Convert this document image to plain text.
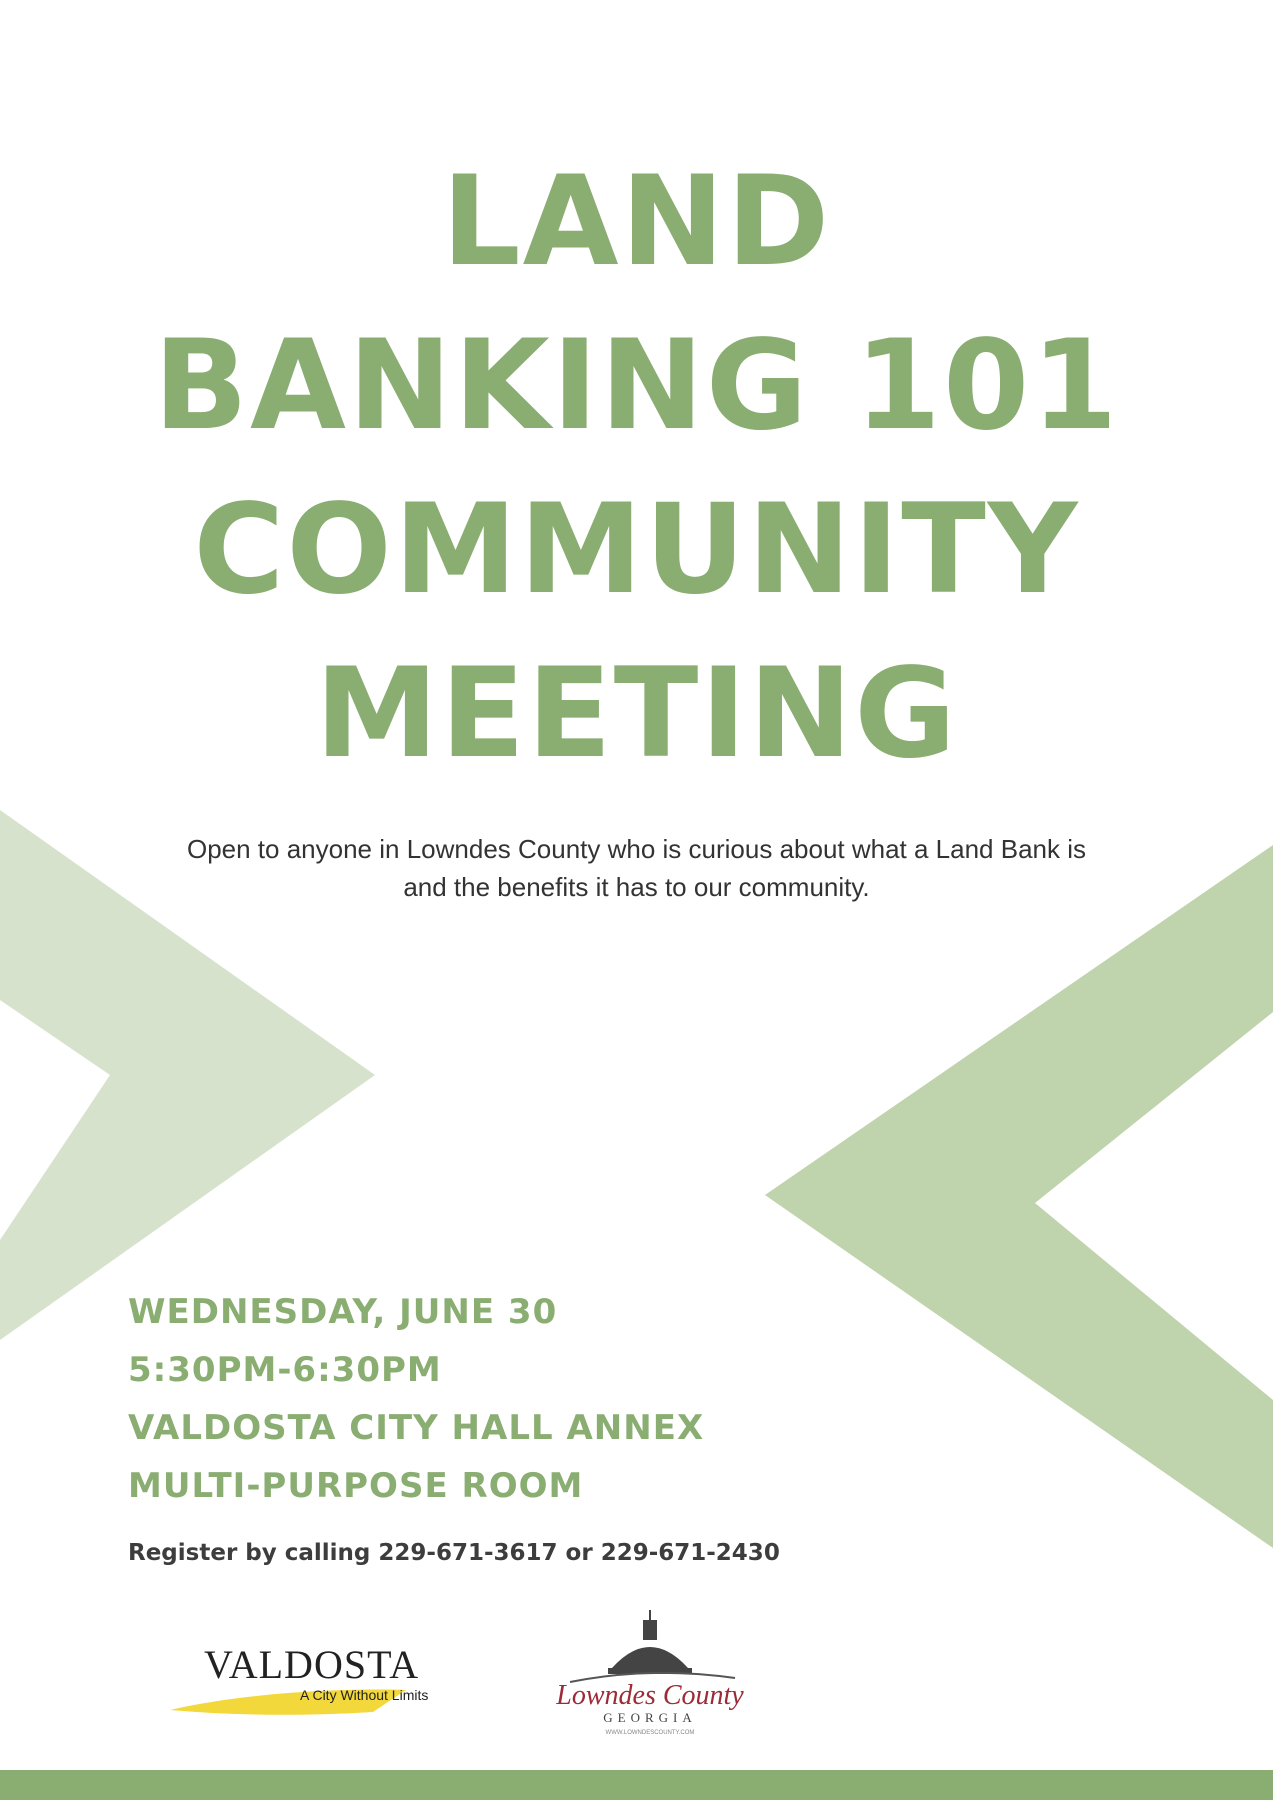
LAND
BANKING 101
COMMUNITY
MEETING

Open to anyone in Lowndes County who is curious about what a Land Bank is
and the benefits it has to our community.

WEDNESDAY, JUNE 30
5:30PM-6:30PM
VALDOSTA CITY HALL ANNEX
MULTI-PURPOSE ROOM
Register by calling 229-671-3617 or 229-671-2430
VALDOSTA
A City Without Limits	Lowndes County
GEORGIA
WWW.LOWNDESCOUNTY.COM
